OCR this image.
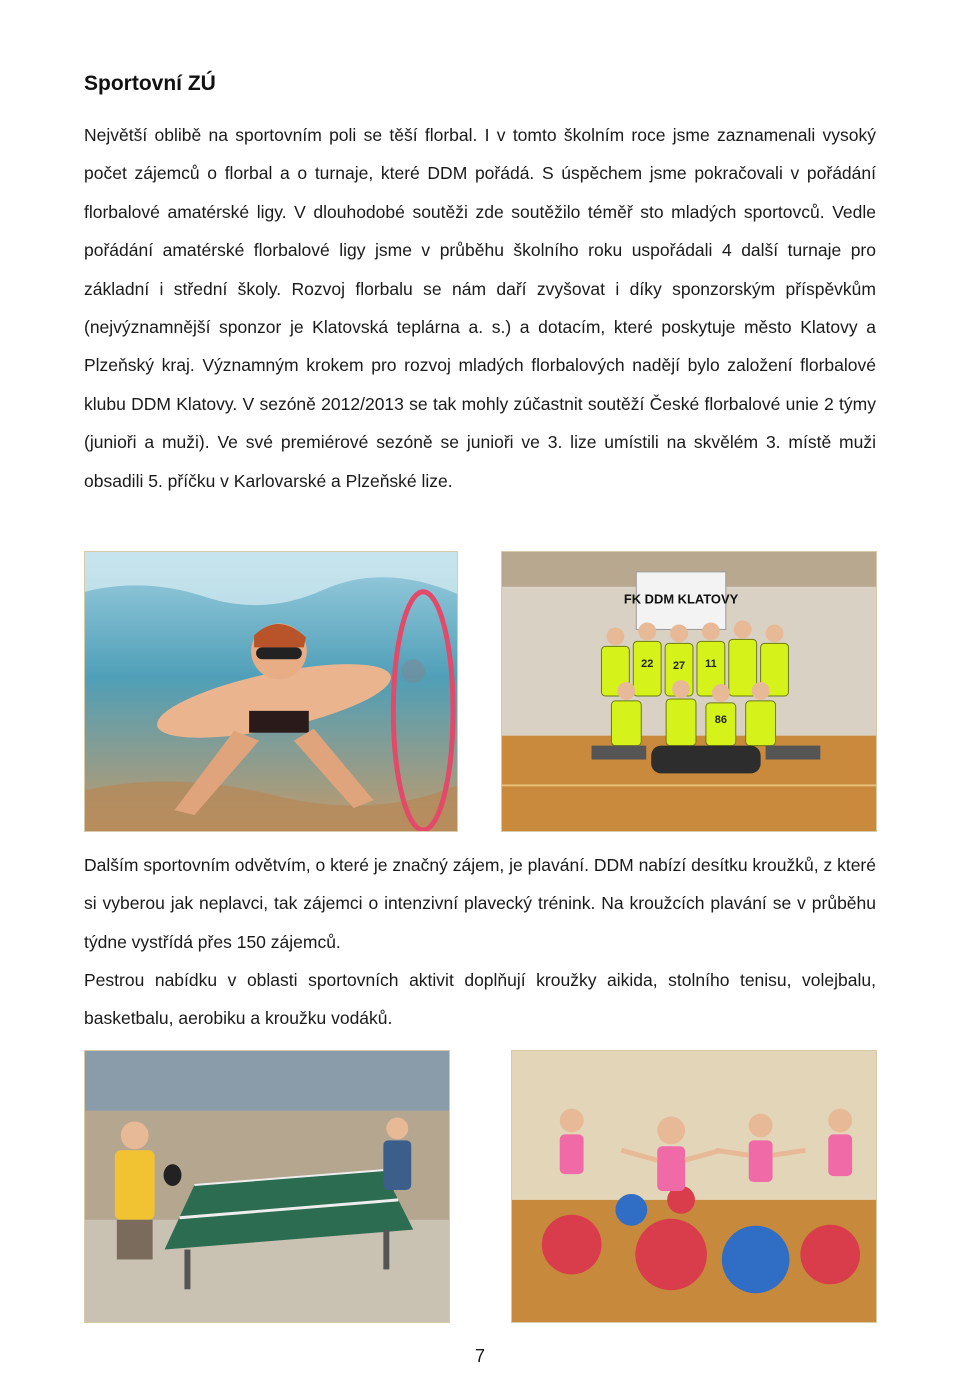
Sportovní ZÚ

Největší oblibě na sportovním poli se těší florbal. I v tomto školním roce jsme zaznamenali vysoký počet zájemců o florbal a o turnaje, které DDM pořádá. S úspěchem jsme pokračovali v pořádání florbalové amatérské ligy. V dlouhodobé soutěži zde soutěžilo téměř sto mladých sportovců. Vedle pořádání amatérské florbalové ligy jsme v průběhu školního roku uspořádali 4 další turnaje pro základní i střední školy. Rozvoj florbalu se nám daří zvyšovat i díky sponzorským příspěvkům (nejvýznamnější sponzor je Klatovská teplárna a. s.) a dotacím, které poskytuje město Klatovy a Plzeňský kraj. Významným krokem pro rozvoj mladých florbalových nadějí bylo založení florbalové klubu DDM Klatovy. V sezóně 2012/2013 se tak mohly zúčastnit soutěží České florbalové unie 2 týmy (junioři a muži). Ve své premiérové sezóně se junioři ve 3. lize umístili na skvělém 3. místě muži obsadili 5. příčku v Karlovarské a Plzeňské lize.

FK DDM KLATOVY
22 27 11
86

Dalším sportovním odvětvím, o které je značný zájem, je plavání. DDM nabízí desítku kroužků, z které si vyberou jak neplavci, tak zájemci o intenzivní plavecký trénink. Na kroužcích plavání se v průběhu týdne vystřídá přes 150 zájemců.

Pestrou nabídku v oblasti sportovních aktivit doplňují kroužky aikida, stolního tenisu, volejbalu, basketbalu, aerobiku a kroužku vodáků.

7
